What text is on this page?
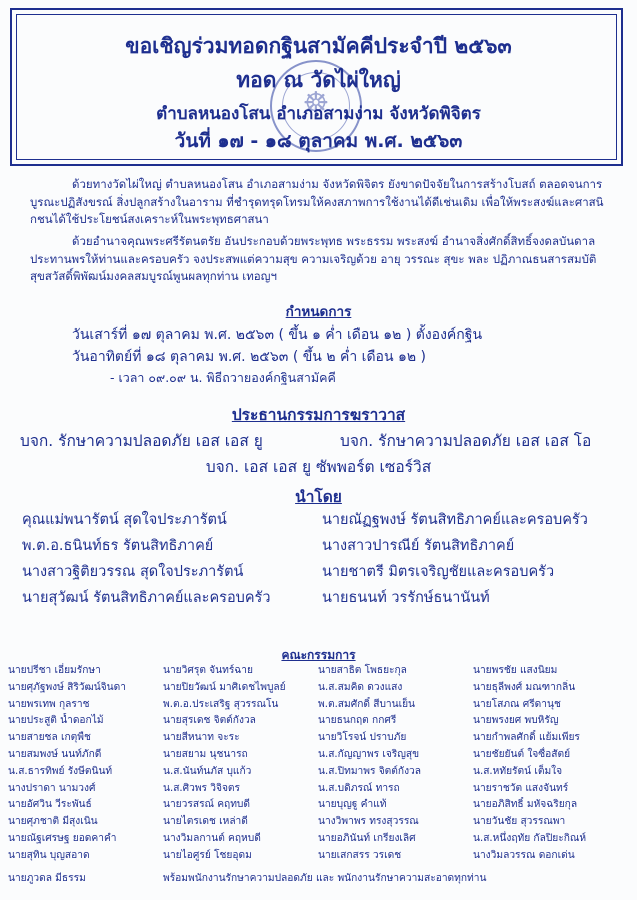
☸
ขอเชิญร่วมทอดกฐินสามัคคีประจำปี ๒๕๖๓
ทอด ณ วัดไผ่ใหญ่
ตำบลหนองโสน อำเภอสามง่าม จังหวัดพิจิตร
วันที่ ๑๗ - ๑๘ ตุลาคม พ.ศ. ๒๕๖๓

ด้วยทางวัดไผ่ใหญ่ ตำบลหนองโสน อำเภอสามง่าม จังหวัดพิจิตร ยังขาดปัจจัยในการสร้างโบสถ์ ตลอดจนการบูรณะปฏิสังขรณ์ สิ่งปลูกสร้างในอาราม ที่ชำรุดทรุดโทรมให้คงสภาพการใช้งานได้ดีเช่นเดิม เพื่อให้พระสงฆ์และศาสนิกชนได้ใช้ประโยชน์สงเคราะห์ในพระพุทธศาสนา

ด้วยอำนาจคุณพระศรีรัตนตรัย อันประกอบด้วยพระพุทธ พระธรรม พระสงฆ์ อำนาจสิ่งศักดิ์สิทธิ์จงดลบันดาลประทานพรให้ท่านและครอบครัว จงประสพแต่ความสุข ความเจริญด้วย อายุ วรรณะ สุขะ พละ ปฏิภาณธนสารสมบัติ สุขสวัสดิ์พิพัฒน์มงคลสมบูรณ์พูนผลทุกท่าน เทอญฯ

กำหนดการ
วันเสาร์ที่ ๑๗ ตุลาคม พ.ศ. ๒๕๖๓ ( ขึ้น ๑ ค่ำ เดือน ๑๒ ) ตั้งองค์กฐิน
วันอาทิตย์ที่ ๑๘ ตุลาคม พ.ศ. ๒๕๖๓ ( ขึ้น ๒ ค่ำ เดือน ๑๒ )
- เวลา ๐๙.๐๙ น. พิธีถวายองค์กฐินสามัคคี
ประธานกรรมการฆราวาส
บจก. รักษาความปลอดภัย เอส เอส ยู	บจก. รักษาความปลอดภัย เอส เอส โอ
บจก. เอส เอส ยู ซัพพอร์ต เซอร์วิส
นำโดย
คุณแม่พนารัตน์ สุดใจประภารัตน์	นายณัฏฐพงษ์ รัตนสิทธิภาคย์และครอบครัว
พ.ต.อ.ธนินท์ธร รัตนสิทธิภาคย์	นางสาวปารณีย์ รัตนสิทธิภาคย์
นางสาวฐิติยวรรณ สุดใจประภารัตน์	นายชาตรี มิตรเจริญชัยและครอบครัว
นายสุวัฒน์ รัตนสิทธิภาคย์และครอบครัว	นายธนนท์ วรรักษ์ธนานันท์
คณะกรรมการ
นายปรีชา เอี่ยมรักษา	นายวิศรุต จันทร์ฉาย	นายสาธิต โพธยะกุล	นายพรชัย แสงนิยม
นายศุภัฐพงษ์ สิริวัฒน์จินดา	นายปิยวัฒน์ มาศิเดชไพบูลย์	น.ส.สมคิด ดวงแสง	นายธุลีพงศ์ มณฑากลิ่น
นายพรเทพ กุลราช	พ.ต.อ.ประเสริฐ สุวรรณโน	พ.ต.สมศักดิ์ สีบานเย็น	นายโสภณ ศรีดานุช
นายประสูติ น้ำดอกไม้	นายสุรเดช จิตต์กังวล	นายธนกฤต กกศรี	นายพรงยศ พบหิรัญ
นายสายชล เกตุพืช	นายสีหนาท จะระ	นายวิโรจน์ ปราบภัย	นายกำพลศักดิ์ แย้มเพียร
นายสมพงษ์ นนท์ภักดี	นายสยาม นุชนารถ	น.ส.กัญญาพร เจริญสุข	นายชัยยันต์ ใจซื่อสัตย์
น.ส.ธารทิพย์ รังษีตนินท์	น.ส.นันท์นภัส บุแก้ว	น.ส.ปิทมาพร จิตต์กังวล	น.ส.หทัยรัตน์ เต็มใจ
นางปราดา นามวงศ์	น.ส.ศิวพร วิจิจตร	น.ส.บดิภรณ์ ทารถ	นายราชวัต แสงจันทร์
นายอัศวิน วีระพันธ์	นายวรสรณ์ คฤทบดี	นายบุญฐู คำแท้	นายอภิสิทธิ์ มหัจฉริยกุล
นายศุภชาติ มีสุงเนิน	นายไตรเดช เหล่าดี	นางวิพาพร ทรงสุวรรณ	นายวันชัย สุวรรณพา
นายณัฐเศรษฐ ยอดคาคำ	นางวิมลกานต์ คฤหบดี	นายอภินันท์ เกรียงเลิศ	น.ส.หนึ่งฤทัย กัลปิยะกิณห์
นายสุทิน บุญสอาด	นายไอศูรย์ โชยอุดม	นายเสกสรร วรเดช	นางวิมลวรรณ ดอกเด่น
นายภูวดล มีธรรม	พร้อมพนักงานรักษาความปลอดภัย และ พนักงานรักษาความสะอาดทุกท่าน
